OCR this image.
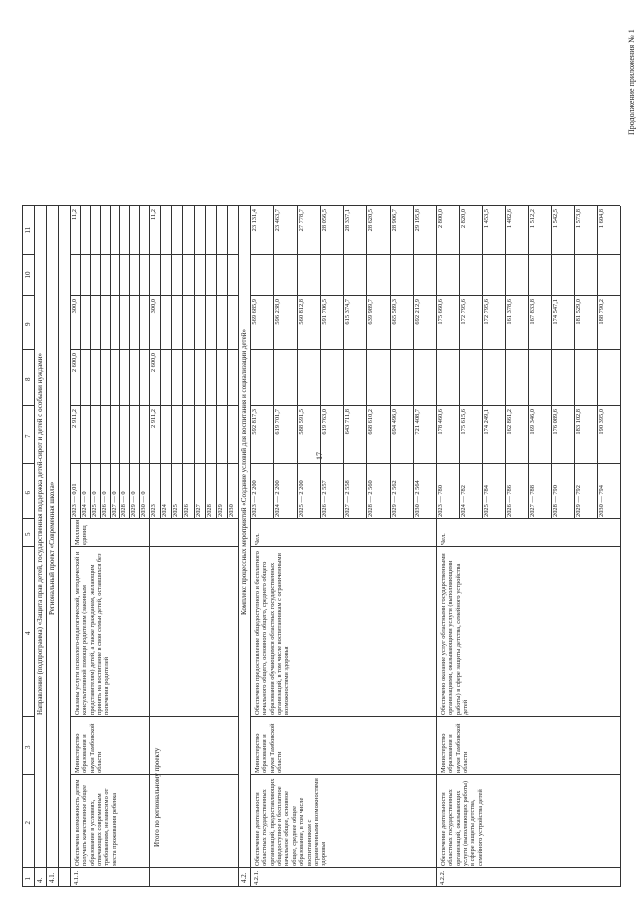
17
Продолжение приложения № 1
1
2
3
4
5
6
7
8
9
10
11
4.
Направление (подпрограмма) «Защита прав детей, государственная поддержка детей-сирот и детей с особыми нуждами»
4.1.
Региональный проект «Современная школа»
4.2.
Комплекс процессных мероприятий «Создание условий для воспитания и социализации детей»
4.1.1.
Обеспечена возможность детям получать качественное общее образование в условиях, отвечающих современным требованиям, независимо от места проживания ребенка
Министерство образования и науки Тамбовской области
Оказаны услуги психолого-педагогической, методической и консультативной помощи родителям (законным представителям) детей, а также гражданам, желающим принять на воспитание в свои семьи детей, оставшихся без попечения родителей
Миллион единиц
2023 — 0,01
2 911,2
2 600,0
300,0
11,2
2024 — 0 2025 — 0 2026 — 0 2027 — 0 2028 — 0 2029 — 0 2030 — 0
Итого по региональному проекту
2023
2 911,2
2 600,0
300,0
11,2
2024 2025 2026 2027 2028 2029 2030
4.2.1.
Обеспечение деятельности областных государственных организаций, предоставляющих общедоступное и бесплатное начальное общее, основное общее, среднее общее образование, в том числе воспитанникам с ограниченными возможностями здоровья
Министерство образования и науки Тамбовской области
Обеспечено предоставление общедоступного и бесплатного начального общего, основного общего, среднего общего образования обучающимся областных государственных организаций, в том числе воспитанникам с ограниченными возможностями здоровья
Чел.
2023 — 2 200
592 817,3
569 685,9
23 131,4
2024 — 2 200
619 701,7
596 238,0
23 463,7
2025 — 2 200
588 591,5
560 812,8
27 778,7
2026 — 2 557
619 763,0
591 706,5
28 056,5
2027 — 2 558
643 711,8
615 374,7
28 337,1
2028 — 2 560
668 610,2
639 989,7
28 620,5
2029 — 2 562
694 496,0
665 589,3
28 906,7
2030 — 2 564
721 408,7
692 212,9
29 195,8
4.2.2.
Обеспечение деятельности областных государственных организаций, оказывающих услуги (выполняющих работы) в сфере защиты детства, семейного устройства детей
Министерство образования и науки Тамбовской области
Обеспечено оказание услуг областными государственными организациями, оказывающими услуги (выполняющими работы) в сфере защиты детства, семейного устройства детей
Чел.
2023 — 780
178 460,6
175 660,6
2 800,0
2024 — 782
175 615,6
172 795,6
2 820,0
2025 — 784
174 249,1
172 795,6
1 453,5
2026 — 786
162 861,2
161 378,6
1 482,6
2027 — 788
169 346,0
167 833,8
1 512,2
2028 — 790
176 089,6
174 547,1
1 542,5
2029 — 792
183 102,8
181 529,0
1 573,8
2030 — 794
190 395,0
188 790,2
1 604,8
